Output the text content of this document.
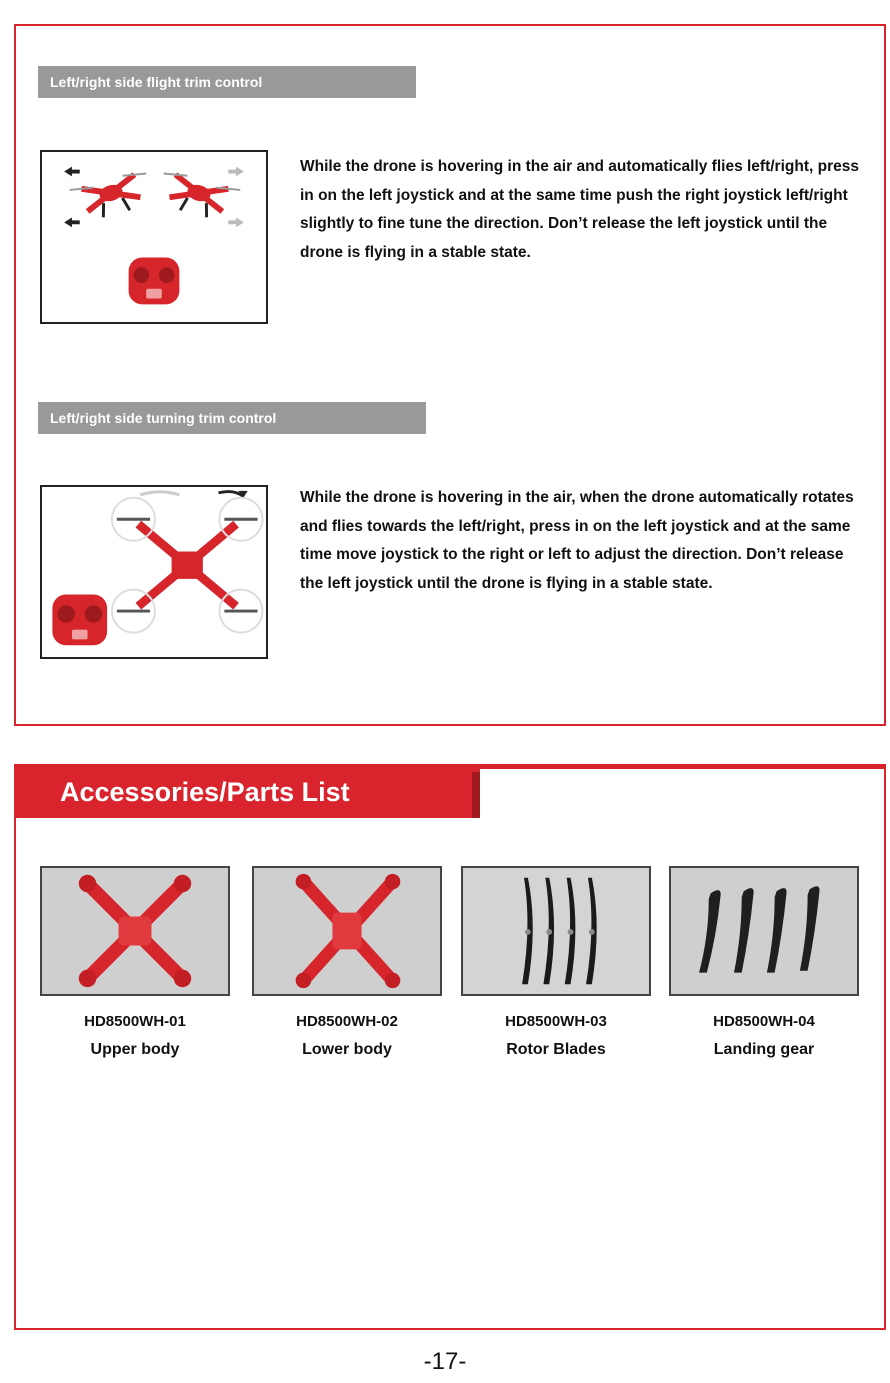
Left/right side flight trim control
While the drone is hovering in the air and automatically flies left/right, press in on the left joystick and at the same time push the right joystick left/right slightly to fine tune the direction. Don’t release the left joystick until the drone is flying in a stable state.
Left/right side turning trim control
While the drone is hovering in the air, when the drone automatically rotates and flies towards the left/right, press in on the left joystick and at the same time move joystick to the right or left to adjust the direction. Don’t release the left joystick until the drone is flying in a stable state.
Accessories/Parts List
HD8500WH-01
Upper body
HD8500WH-02
Lower body
HD8500WH-03
Rotor Blades
HD8500WH-04
Landing gear
-17-
